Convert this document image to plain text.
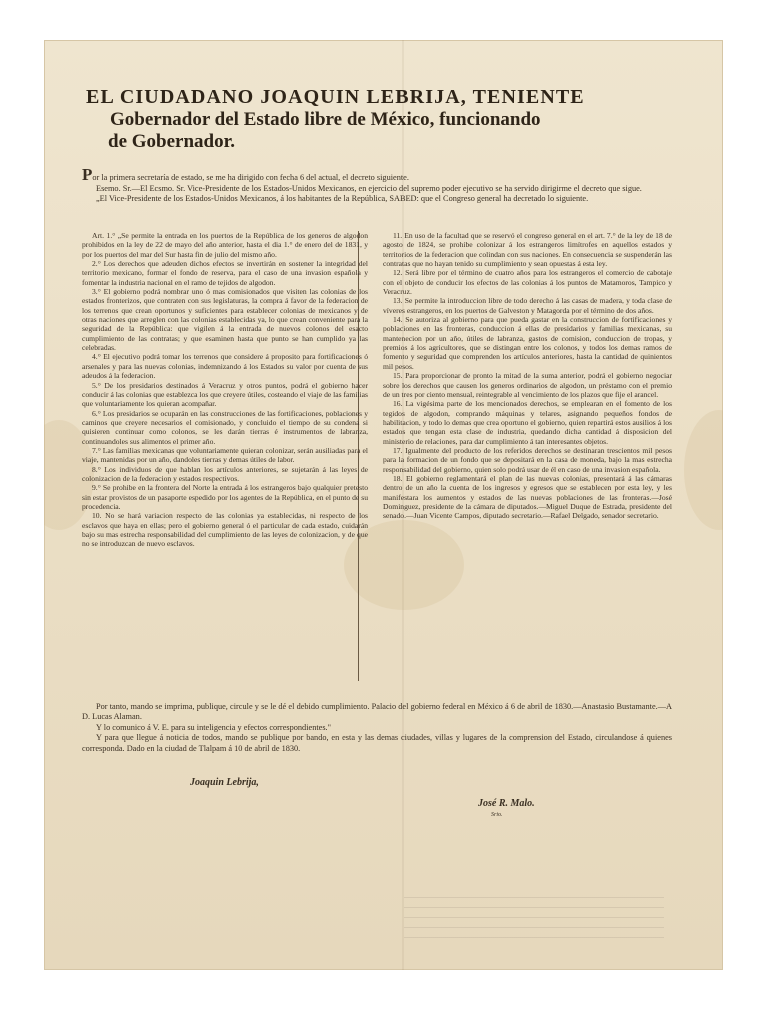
EL CIUDADANO JOAQUIN LEBRIJA, TENIENTE
Gobernador del Estado libre de México, funcionando
de Gobernador.

Por la primera secretaría de estado, se me ha dirigido con fecha 6 del actual, el decreto siguiente.

Esemo. Sr.—El Ecsmo. Sr. Vice-Presidente de los Estados-Unidos Mexicanos, en ejercicio del supremo poder ejecutivo se ha servido dirigirme el decreto que sigue.

„El Vice-Presidente de los Estados-Unidos Mexicanos, á los habitantes de la República, SABED: que el Congreso general ha decretado lo siguiente.

Art. 1.° „Se permite la entrada en los puertos de la República de los generos de algodon prohibidos en la ley de 22 de mayo del año anterior, hasta el dia 1.° de enero del de 1831, y por los puertos del mar del Sur hasta fin de julio del mismo año.

2.° Los derechos que adeuden dichos efectos se invertirán en sostener la integridad del territorio mexicano, formar el fondo de reserva, para el caso de una invasion española y fomentar la industria nacional en el ramo de tejidos de algodon.

3.° El gobierno podrá nombrar uno ó mas comisionados que visiten las colonias de los estados fronterizos, que contraten con sus legislaturas, la compra á favor de la federacion de los terrenos que crean oportunos y suficientes para establecer colonias de mexicanos y de otras naciones que arreglen con las colonias establecidas ya, lo que crean conveniente para la seguridad de la República: que vigilen á la entrada de nuevos colonos del esacto cumplimiento de las contratas; y que esaminen hasta que punto se han cumplido ya las celebradas.

4.° El ejecutivo podrá tomar los terrenos que considere á proposito para fortificaciones ó arsenales y para las nuevas colonias, indemnizando á los Estados su valor por cuenta de sus adeudos á la federacion.

5.° De los presidarios destinados á Veracruz y otros puntos, podrá el gobierno hacer conducir á las colonias que establezca los que creyere útiles, costeando el viaje de las familias que voluntariamente los quieran acompañar.

6.° Los presidarios se ocuparán en las construcciones de las fortificaciones, poblaciones y caminos que creyere necesarios el comisionado, y concluido el tiempo de su condena si quisieren continuar como colonos, se les darán tierras é instrumentos de labranza, continuandoles sus alimentos el primer año.

7.° Las familias mexicanas que voluntariamente quieran colonizar, serán ausiliadas para el viaje, mantenidas por un año, dandoles tierras y demas útiles de labor.

8.° Los individuos de que hablan los artículos anteriores, se sujetarán á las leyes de colonizacion de la federacion y estados respectivos.

9.° Se prohibe en la frontera del Norte la entrada á los estrangeros bajo qualquier pretesto sin estar provistos de un pasaporte espedido por los agentes de la República, en el punto de su procedencia.

10. No se hará variacion respecto de las colonias ya establecidas, ni respecto de los esclavos que haya en ellas; pero el gobierno general ó el particular de cada estado, cuidarán bajo su mas estrecha responsabilidad del cumplimiento de las leyes de colonizacion, y de que no se introduzcan de nuevo esclavos.

11. En uso de la facultad que se reservó el congreso general en el art. 7.° de la ley de 18 de agosto de 1824, se prohibe colonizar á los estrangeros limítrofes en aquellos estados y territorios de la federacion que colindan con sus naciones. En consecuencia se suspenderán las contratas que no hayan tenido su cumplimiento y sean opuestas á esta ley.

12. Será libre por el término de cuatro años para los estrangeros el comercio de cabotaje con el objeto de conducir los efectos de las colonias á los puntos de Matamoros, Tampico y Veracruz.

13. Se permite la introduccion libre de todo derecho á las casas de madera, y toda clase de víveres estrangeros, en los puertos de Galveston y Matagorda por el término de dos años.

14. Se autoriza al gobierno para que pueda gastar en la construccion de fortificaciones y poblaciones en las fronteras, conduccion á ellas de presidarios y familias mexicanas, su mantenecion por un año, útiles de labranza, gastos de comision, conduccion de tropas, y premios á los agricultores, que se distingan entre los colonos, y todos los demas ramos de fomento y seguridad que comprenden los artículos anteriores, hasta la cantidad de quinientos mil pesos.

15. Para proporcionar de pronto la mitad de la suma anterior, podrá el gobierno negociar sobre los derechos que causen los generos ordinarios de algodon, un préstamo con el premio de un tres por ciento mensual, reintegrable al vencimiento de los plazos que fije el arancel.

16. La vigésima parte de los mencionados derechos, se emplearan en el fomento de los tegidos de algodon, comprando máquinas y telares, asignando pequeños fondos de habilitacion, y todo lo demas que crea oportuno el gobierno, quien repartirá estos ausilios á los estados que tengan esta clase de industria, quedando dicha cantidad á disposicion del ministerio de relaciones, para dar cumplimiento á tan interesantes objetos.

17. Igualmente del producto de los referidos derechos se destinaran trescientos mil pesos para la formacion de un fondo que se depositará en la casa de moneda, bajo la mas estrecha responsabilidad del gobierno, quien solo podrá usar de él en caso de una invasion española.

18. El gobierno reglamentará el plan de las nuevas colonias, presentará á las cámaras dentro de un año la cuenta de los ingresos y egresos que se establecen por esta ley, y les manifestara los aumentos y estados de las nuevas poblaciones de las fronteras.—José Dominguez, presidente de la cámara de diputados.—Miguel Duque de Estrada, presidente del senado.—Juan Vicente Campos, diputado secretario.—Rafael Delgado, senador secretario.

Por tanto, mando se imprima, publique, circule y se le dé el debido cumplimiento. Palacio del gobierno federal en México á 6 de abril de 1830.—Anastasio Bustamante.—A D. Lucas Alaman.

Y lo comunico á V. E. para su inteligencia y efectos correspondientes."

Y para que llegue á noticia de todos, mando se publique por bando, en esta y las demas ciudades, villas y lugares de la comprension del Estado, circulandose á quienes corresponda. Dado en la ciudad de Tlalpam á 10 de abril de 1830.

Joaquin Lebrija,
José R. Malo.
Srio.
